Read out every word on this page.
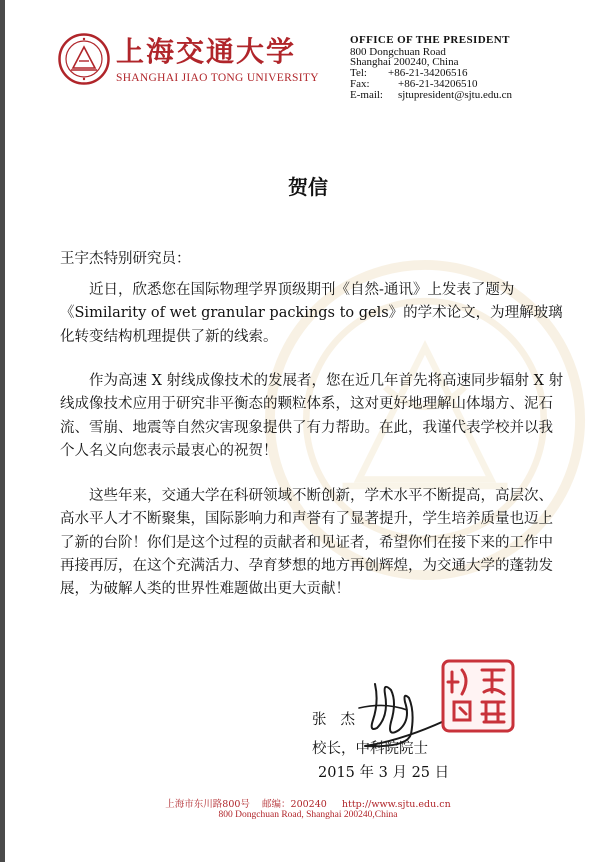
上海交通大学
SHANGHAI JIAO TONG UNIVERSITY
OFFICE OF THE PRESIDENT
800 Dongchuan Road
Shanghai 200240, China
Tel: +86-21-34206516
Fax:	+86-21-34206510
E-mail: sjtupresident@sjtu.edu.cn
贺信
王宇杰特别研究员：
近日，欣悉您在国际物理学界顶级期刊《自然-通讯》上发表了题为
《Similarity of wet granular packings to gels》的学术论文，为理解玻璃
化转变结构机理提供了新的线索。
作为高速 X 射线成像技术的发展者，您在近几年首先将高速同步辐射 X 射
线成像技术应用于研究非平衡态的颗粒体系，这对更好地理解山体塌方、泥石
流、雪崩、地震等自然灾害现象提供了有力帮助。在此，我谨代表学校并以我
个人名义向您表示最衷心的祝贺！
这些年来，交通大学在科研领域不断创新，学术水平不断提高，高层次、
高水平人才不断聚集，国际影响力和声誉有了显著提升，学生培养质量也迈上
了新的台阶！你们是这个过程的贡献者和见证者，希望你们在接下来的工作中
再接再厉，在这个充满活力、孕育梦想的地方再创辉煌，为交通大学的蓬勃发
展，为破解人类的世界性难题做出更大贡献！
张杰
校长，中科院院士
2015 年 3 月 25 日
上海市东川路800号 邮编：200240 http://www.sjtu.edu.cn
800 Dongchuan Road, Shanghai 200240,China
